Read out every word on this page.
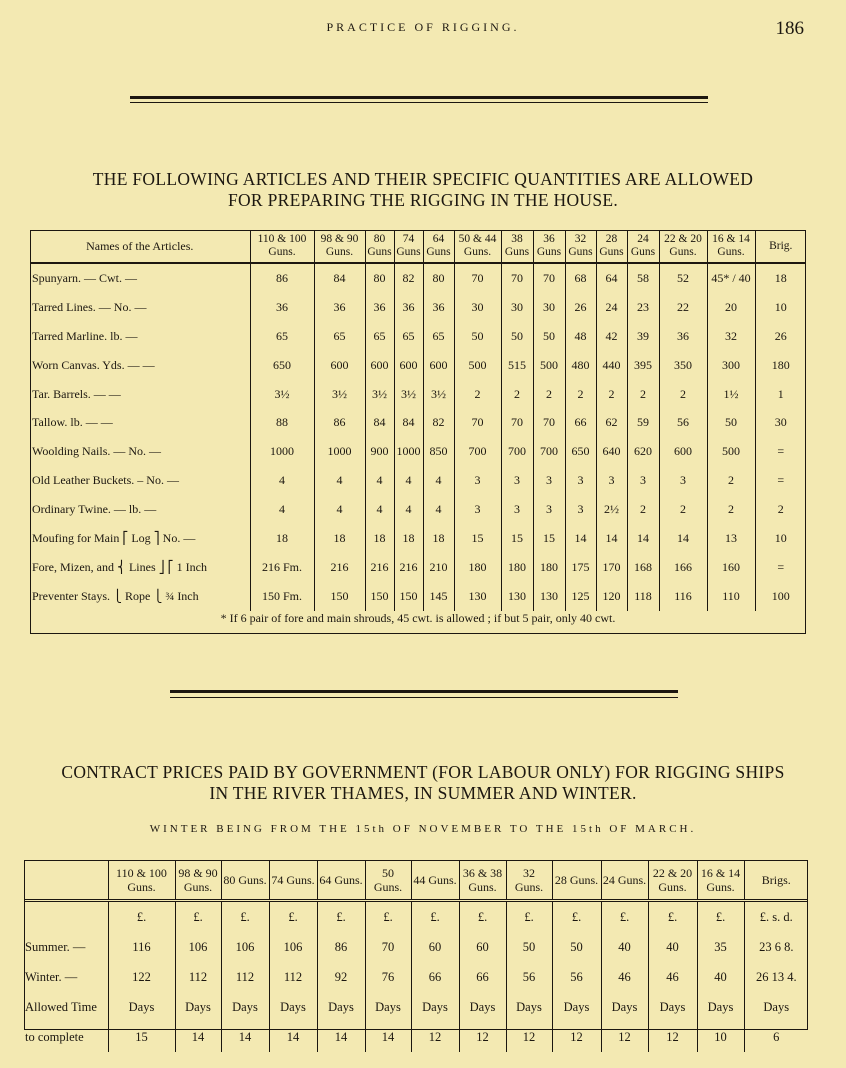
PRACTICE OF RIGGING.	186
THE FOLLOWING ARTICLES AND THEIR SPECIFIC QUANTITIES ARE ALLOWED
FOR PREPARING THE RIGGING IN THE HOUSE.
Names of the Articles.	110 & 100 Guns.	98 & 90 Guns.	80 Guns	74 Guns	64 Guns	50 & 44 Guns.	38 Guns	36 Guns	32 Guns	28 Guns	24 Guns	22 & 20 Guns.	16 & 14 Guns.	Brig.
Spunyarn. — Cwt. —	86	84	80	82	80	70	70	70	68	64	58	52	45* / 40	18
Tarred Lines. — No. —	36	36	36	36	36	30	30	30	26	24	23	22	20	10
Tarred Marline. lb. —	65	65	65	65	65	50	50	50	48	42	39	36	32	26
Worn Canvas. Yds. — —	650	600	600	600	600	500	515	500	480	440	395	350	300	180
Tar. Barrels. — —	3½	3½	3½	3½	3½	2	2	2	2	2	2	2	1½	1
Tallow. lb. — —	88	86	84	84	82	70	70	70	66	62	59	56	50	30
Woolding Nails. — No. —	1000	1000	900	1000	850	700	700	700	650	640	620	600	500	=
Old Leather Buckets. – No. —	4	4	4	4	4	3	3	3	3	3	3	3	2	=
Ordinary Twine. — lb. —	4	4	4	4	4	3	3	3	3	2½	2	2	2	2
Moufing for Main ⎡ Log ⎤ No. —	18	18	18	18	18	15	15	15	14	14	14	14	13	10
Fore, Mizen, and ⎨ Lines ⎦ ⎡ 1 Inch	216 Fm.	216	216	216	210	180	180	180	175	170	168	166	160	=
Preventer Stays. ⎩ Rope ⎩ ¾ Inch	150 Fm.	150	150	150	145	130	130	130	125	120	118	116	110	100
* If 6 pair of fore and main shrouds, 45 cwt. is allowed ; if but 5 pair, only 40 cwt.
CONTRACT PRICES PAID BY GOVERNMENT (FOR LABOUR ONLY) FOR RIGGING SHIPS
IN THE RIVER THAMES, IN SUMMER AND WINTER.
WINTER BEING FROM THE 15th OF NOVEMBER TO THE 15th OF MARCH.
	110 & 100 Guns.	98 & 90 Guns.	80 Guns.	74 Guns.	64 Guns.	50 Guns.	44 Guns.	36 & 38 Guns.	32 Guns.	28 Guns.	24 Guns.	22 & 20 Guns.	16 & 14 Guns.	Brigs.
	£.	£.	£.	£.	£.	£.	£.	£.	£.	£.	£.	£.	£.	£. s. d.
Summer. —	116	106	106	106	86	70	60	60	50	50	40	40	35	23 6 8.
Winter. —	122	112	112	112	92	76	66	66	56	56	46	46	40	26 13 4.
Allowed Time	Days	Days	Days	Days	Days	Days	Days	Days	Days	Days	Days	Days	Days	Days
to complete	15	14	14	14	14	14	12	12	12	12	12	12	10	6
